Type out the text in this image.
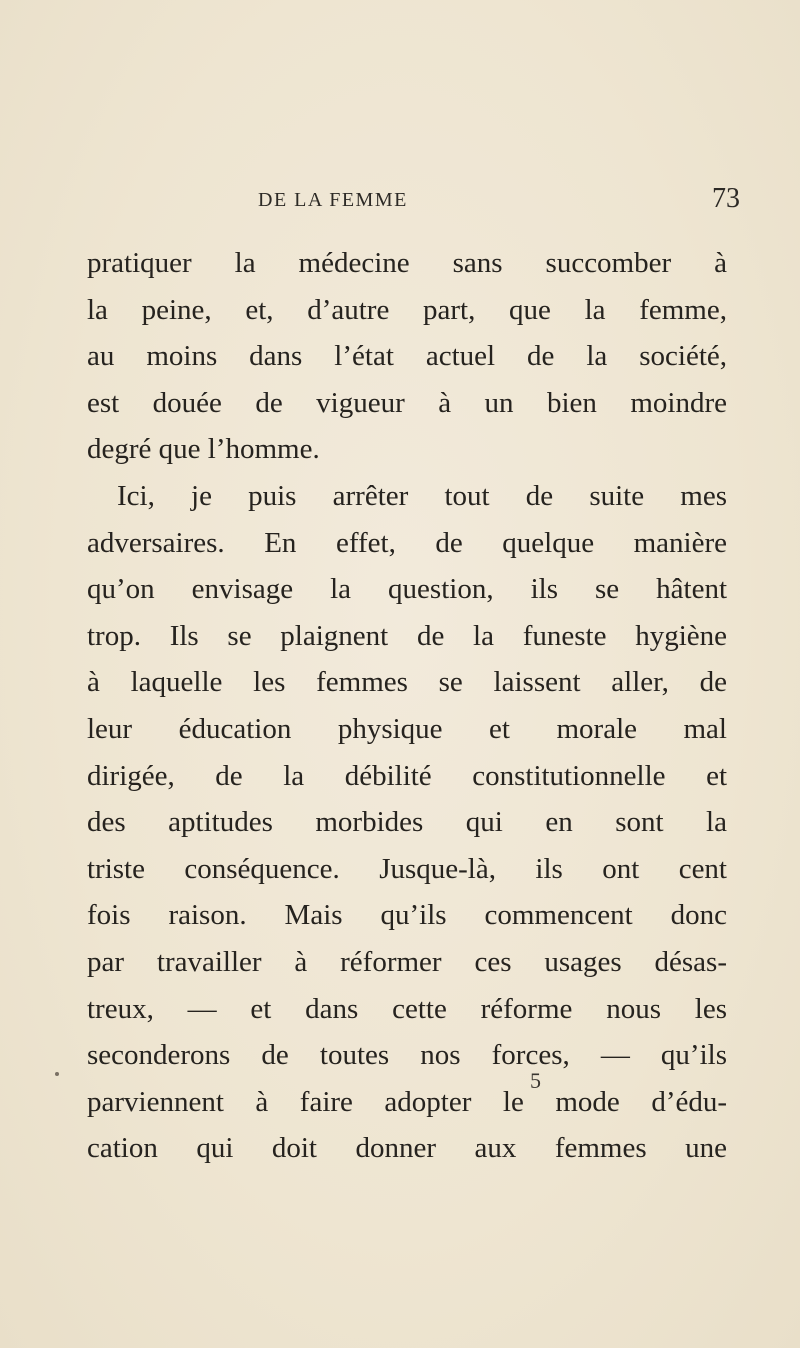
DE LA FEMME	73
pratiquer la médecine sans succomber à
la peine, et, d’autre part, que la femme,
au moins dans l’état actuel de la société,
est douée de vigueur à un bien moindre
degré que l’homme.
Ici, je puis arrêter tout de suite mes
adversaires. En effet, de quelque manière
qu’on envisage la question, ils se hâtent
trop. Ils se plaignent de la funeste hygiène
à laquelle les femmes se laissent aller, de
leur éducation physique et morale mal
dirigée, de la débilité constitutionnelle et
des aptitudes morbides qui en sont la
triste conséquence. Jusque-là, ils ont cent
fois raison. Mais qu’ils commencent donc
par travailler à réformer ces usages désas-
treux, — et dans cette réforme nous les
seconderons de toutes nos forces, — qu’ils
parviennent à faire adopter le mode d’édu-
cation qui doit donner aux femmes une
5
